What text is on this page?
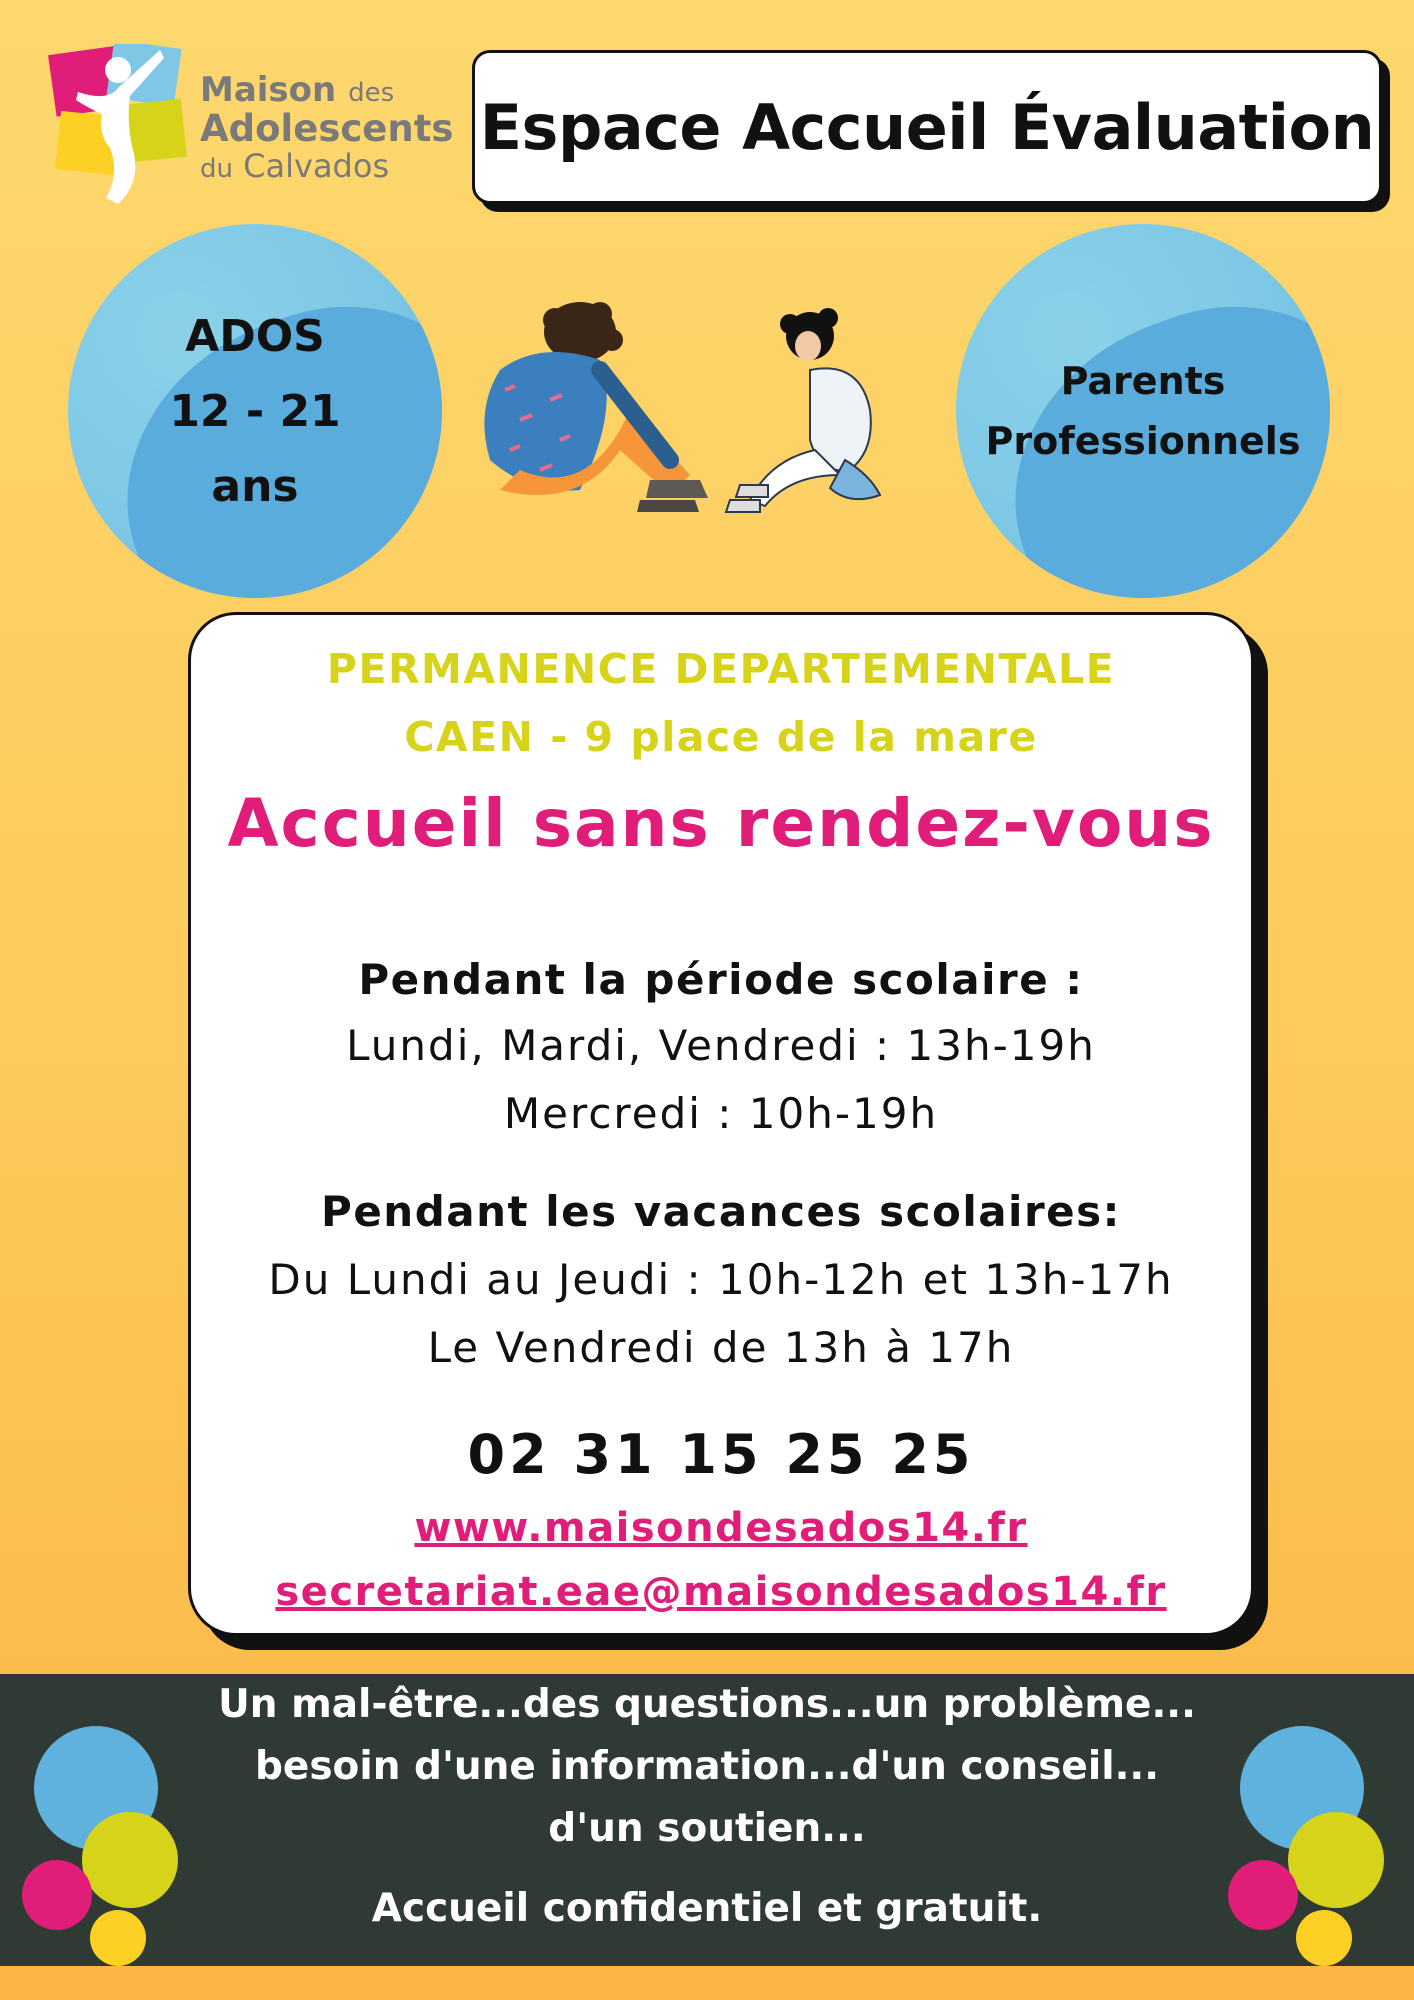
Maison des
Adolescents
du Calvados
Espace Accueil Évaluation
ADOS
12 - 21
ans
Parents
Professionnels
PERMANENCE DEPARTEMENTALE
CAEN - 9 place de la mare
Accueil sans rendez-vous
Pendant la période scolaire :
Lundi, Mardi, Vendredi : 13h-19h
Mercredi : 10h-19h
Pendant les vacances scolaires:
Du Lundi au Jeudi : 10h-12h et 13h-17h
Le Vendredi de 13h à 17h
02 31 15 25 25
www.maisondesados14.fr
secretariat.eae@maisondesados14.fr
Un mal-être...des questions...un problème...
besoin d'une information...d'un conseil...
d'un soutien...
Accueil confidentiel et gratuit.
